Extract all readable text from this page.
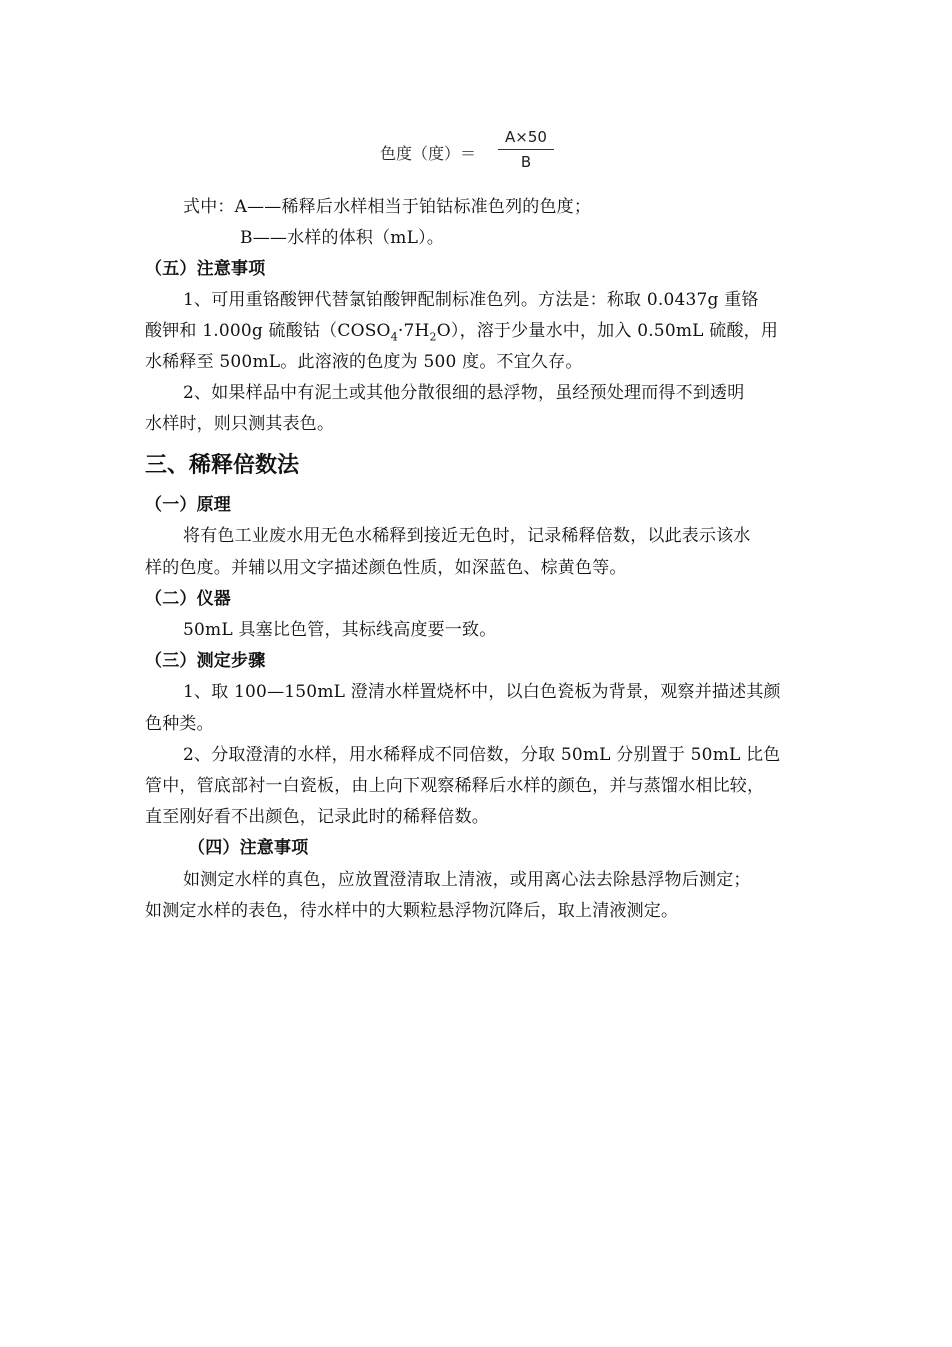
色度（度）＝
A×50
B
式中：A——稀释后水样相当于铂钴标准色列的色度；
B——水样的体积（mL）。
（五）注意事项
1、可用重铬酸钾代替氯铂酸钾配制标准色列。方法是：称取 0.0437g 重铬
酸钾和 1.000g 硫酸钴$(COSO_4\cdot 7H_2O)$，溶于少量水中，加入 0.50mL 硫酸，用
水稀释至 500mL。此溶液的色度为 500 度。不宜久存。
2、如果样品中有泥土或其他分散很细的悬浮物，虽经预处理而得不到透明
水样时，则只测其表色。
三、稀释倍数法
（一）原理
将有色工业废水用无色水稀释到接近无色时，记录稀释倍数，以此表示该水
样的色度。并辅以用文字描述颜色性质，如深蓝色、棕黄色等。
（二）仪器
50mL 具塞比色管，其标线高度要一致。
（三）测定步骤
1、取 100—150mL 澄清水样置烧杯中，以白色瓷板为背景，观察并描述其颜
色种类。
2、分取澄清的水样，用水稀释成不同倍数，分取 50mL 分别置于 50mL 比色
管中，管底部衬一白瓷板，由上向下观察稀释后水样的颜色，并与蒸馏水相比较，
直至刚好看不出颜色，记录此时的稀释倍数。
（四）注意事项
如测定水样的真色，应放置澄清取上清液，或用离心法去除悬浮物后测定；
如测定水样的表色，待水样中的大颗粒悬浮物沉降后，取上清液测定。
